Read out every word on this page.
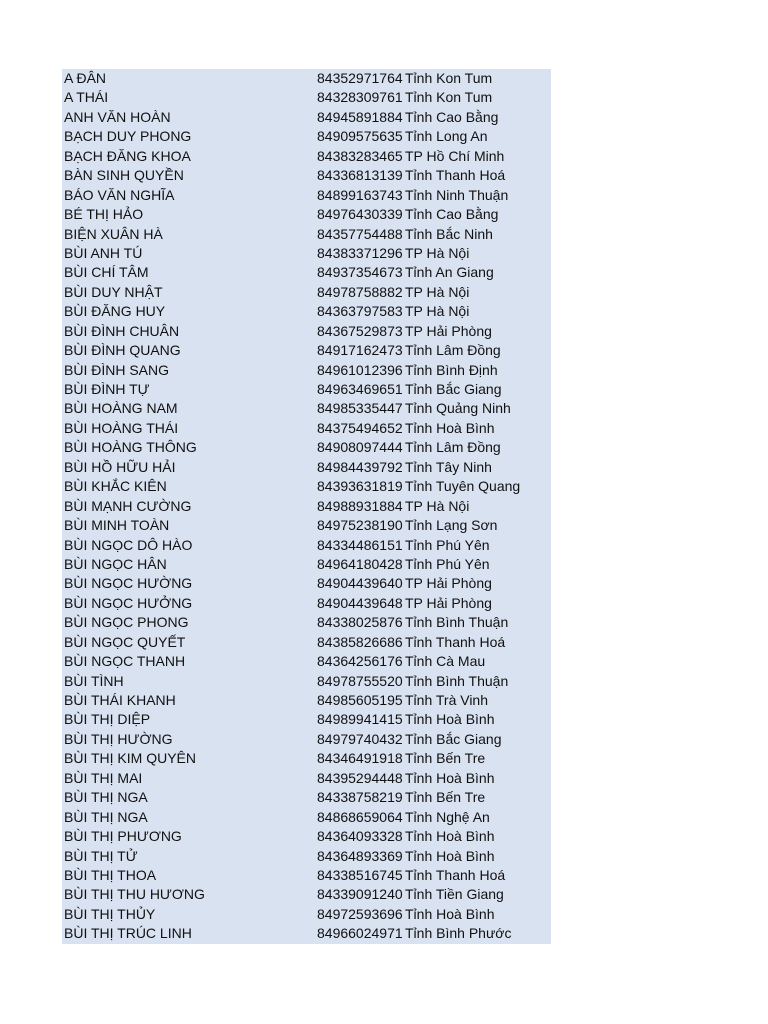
A ĐÂN	84352971764 Tỉnh Kon Tum
A THÁI	84328309761 Tỉnh Kon Tum
ANH VĂN HOÀN	84945891884 Tỉnh Cao Bằng
BẠCH DUY PHONG	84909575635 Tỉnh Long An
BẠCH ĐĂNG KHOA	84383283465 TP Hồ Chí Minh
BÀN SINH QUYỀN	84336813139 Tỉnh Thanh Hoá
BÁO VĂN NGHĨA	84899163743 Tỉnh Ninh Thuận
BÉ THỊ HẢO	84976430339 Tỉnh Cao Bằng
BIỆN XUÂN HÀ	84357754488 Tỉnh Bắc Ninh
BÙI ANH TÚ	84383371296 TP Hà Nội
BÙI CHÍ TÂM	84937354673 Tỉnh An Giang
BÙI DUY NHẬT	84978758882 TP Hà Nội
BÙI ĐĂNG HUY	84363797583 TP Hà Nội
BÙI ĐÌNH CHUÂN	84367529873 TP Hải Phòng
BÙI ĐÌNH QUANG	84917162473 Tỉnh Lâm Đồng
BÙI ĐÌNH SANG	84961012396 Tỉnh Bình Định
BÙI ĐÌNH TỰ	84963469651 Tỉnh Bắc Giang
BÙI HOÀNG NAM	84985335447 Tỉnh Quảng Ninh
BÙI HOÀNG THÁI	84375494652 Tỉnh Hoà Bình
BÙI HOÀNG THÔNG	84908097444 Tỉnh Lâm Đồng
BÙI HỒ HỮU HẢI	84984439792 Tỉnh Tây Ninh
BÙI KHẮC KIÊN	84393631819 Tỉnh Tuyên Quang
BÙI MẠNH CƯỜNG	84988931884 TP Hà Nội
BÙI MINH TOÀN	84975238190 Tỉnh Lạng Sơn
BÙI NGỌC DÔ HÀO	84334486151 Tỉnh Phú Yên
BÙI NGỌC HÂN	84964180428 Tỉnh Phú Yên
BÙI NGỌC HƯỜNG	84904439640 TP Hải Phòng
BÙI NGỌC HƯỞNG	84904439648 TP Hải Phòng
BÙI NGỌC PHONG	84338025876 Tỉnh Bình Thuận
BÙI NGỌC QUYẾT	84385826686 Tỉnh Thanh Hoá
BÙI NGỌC THANH	84364256176 Tỉnh Cà Mau
BÙI TÌNH	84978755520 Tỉnh Bình Thuận
BÙI THÁI KHANH	84985605195 Tỉnh Trà Vinh
BÙI THỊ DIỆP	84989941415 Tỉnh Hoà Bình
BÙI THỊ HƯỜNG	84979740432 Tỉnh Bắc Giang
BÙI THỊ KIM QUYÊN	84346491918 Tỉnh Bến Tre
BÙI THỊ MAI	84395294448 Tỉnh Hoà Bình
BÙI THỊ NGA	84338758219 Tỉnh Bến Tre
BÙI THỊ NGA	84868659064 Tỉnh Nghệ An
BÙI THỊ PHƯƠNG	84364093328 Tỉnh Hoà Bình
BÙI THỊ TỬ	84364893369 Tỉnh Hoà Bình
BÙI THỊ THOA	84338516745 Tỉnh Thanh Hoá
BÙI THỊ THU HƯƠNG	84339091240 Tỉnh Tiền Giang
BÙI THỊ THỦY	84972593696 Tỉnh Hoà Bình
BÙI THỊ TRÚC LINH	84966024971 Tỉnh Bình Phước
